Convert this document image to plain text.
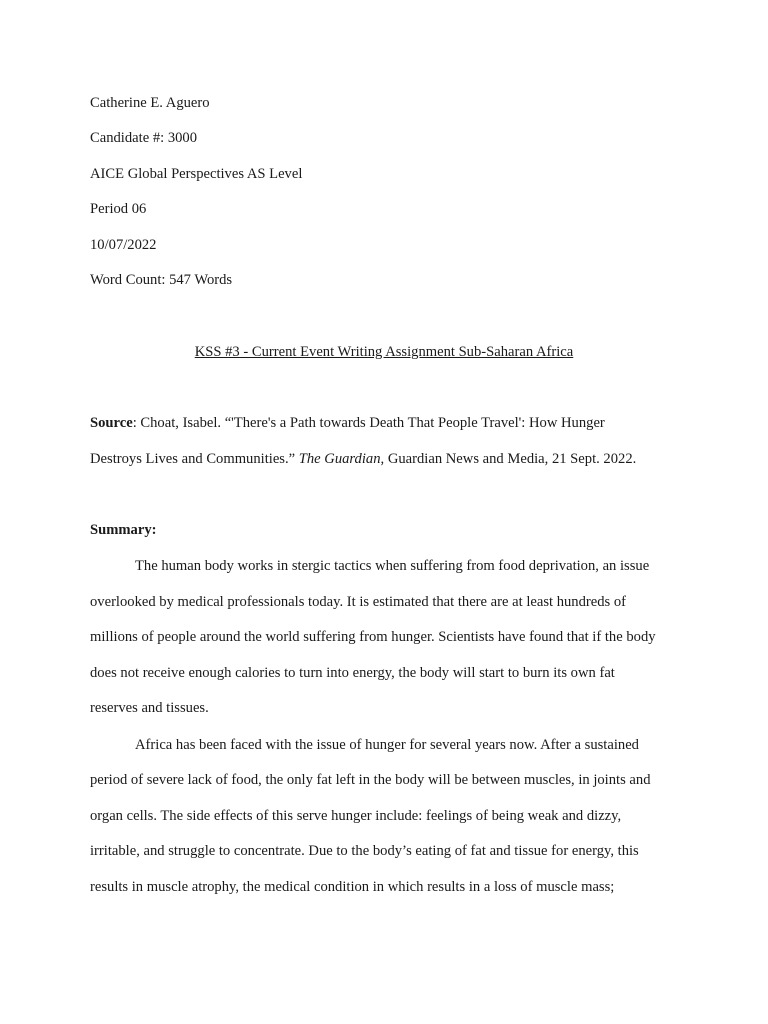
Catherine E. Aguero
Candidate #: 3000
AICE Global Perspectives AS Level
Period 06
10/07/2022
Word Count: 547 Words
KSS #3 - Current Event Writing Assignment Sub-Saharan Africa
Source: Choat, Isabel. “'There's a Path towards Death That People Travel': How Hunger
Destroys Lives and Communities.” The Guardian, Guardian News and Media, 21 Sept. 2022.
Summary:
The human body works in stergic tactics when suffering from food deprivation, an issue
overlooked by medical professionals today. It is estimated that there are at least hundreds of
millions of people around the world suffering from hunger. Scientists have found that if the body
does not receive enough calories to turn into energy, the body will start to burn its own fat
reserves and tissues.
Africa has been faced with the issue of hunger for several years now. After a sustained
period of severe lack of food, the only fat left in the body will be between muscles, in joints and
organ cells. The side effects of this serve hunger include: feelings of being weak and dizzy,
irritable, and struggle to concentrate. Due to the body’s eating of fat and tissue for energy, this
results in muscle atrophy, the medical condition in which results in a loss of muscle mass;
